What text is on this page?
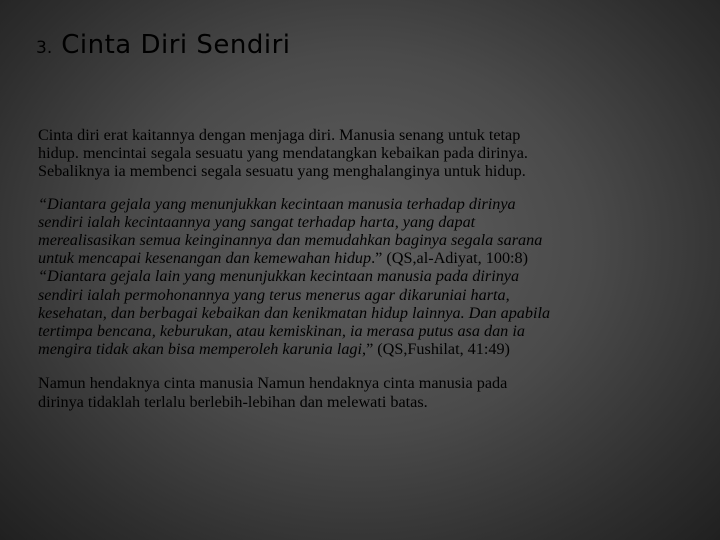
3. Cinta Diri Sendiri

Cinta diri erat kaitannya dengan menjaga diri. Manusia senang untuk tetap
hidup. mencintai segala sesuatu yang mendatangkan kebaikan pada dirinya.
Sebaliknya ia membenci segala sesuatu yang menghalanginya untuk hidup.

“Diantara gejala yang menunjukkan kecintaan manusia terhadap dirinya
sendiri ialah kecintaannya yang sangat terhadap harta, yang dapat
merealisasikan semua keinginannya dan memudahkan baginya segala sarana
untuk mencapai kesenangan dan kemewahan hidup.” (QS,al-Adiyat, 100:8)
“Diantara gejala lain yang menunjukkan kecintaan manusia pada dirinya
sendiri ialah permohonannya yang terus menerus agar dikaruniai harta,
kesehatan, dan berbagai kebaikan dan kenikmatan hidup lainnya. Dan apabila
tertimpa bencana, keburukan, atau kemiskinan, ia merasa putus asa dan ia
mengira tidak akan bisa memperoleh karunia lagi,” (QS,Fushilat, 41:49)

Namun hendaknya cinta manusia Namun hendaknya cinta manusia pada
dirinya tidaklah terlalu berlebih-lebihan dan melewati batas.
